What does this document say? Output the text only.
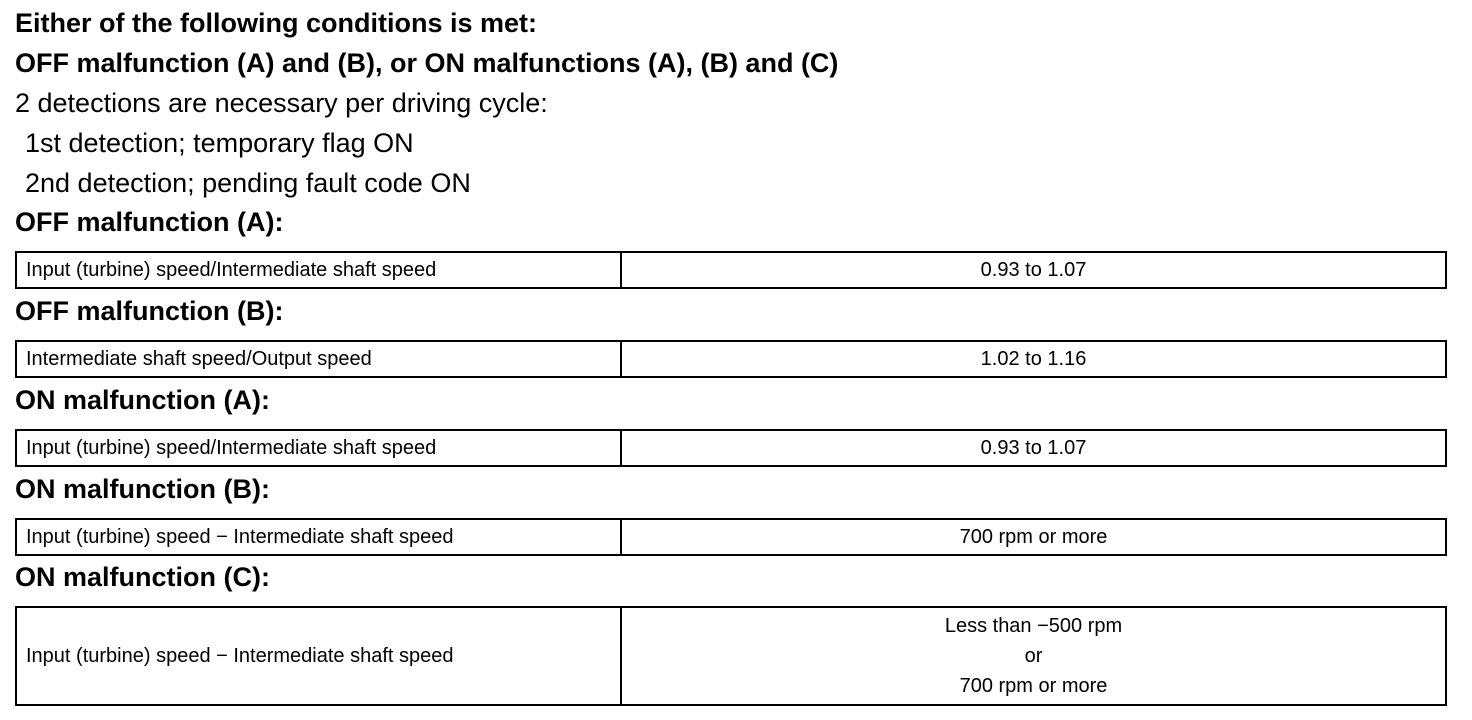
Either of the following conditions is met:
OFF malfunction (A) and (B), or ON malfunctions (A), (B) and (C)
2 detections are necessary per driving cycle:
1st detection; temporary flag ON
2nd detection; pending fault code ON
OFF malfunction (A):
Input (turbine) speed/Intermediate shaft speed	0.93 to 1.07
OFF malfunction (B):
Intermediate shaft speed/Output speed	1.02 to 1.16
ON malfunction (A):
Input (turbine) speed/Intermediate shaft speed	0.93 to 1.07
ON malfunction (B):
Input (turbine) speed − Intermediate shaft speed	700 rpm or more
ON malfunction (C):
Input (turbine) speed − Intermediate shaft speed	
Less than −500 rpm
or
700 rpm or more
